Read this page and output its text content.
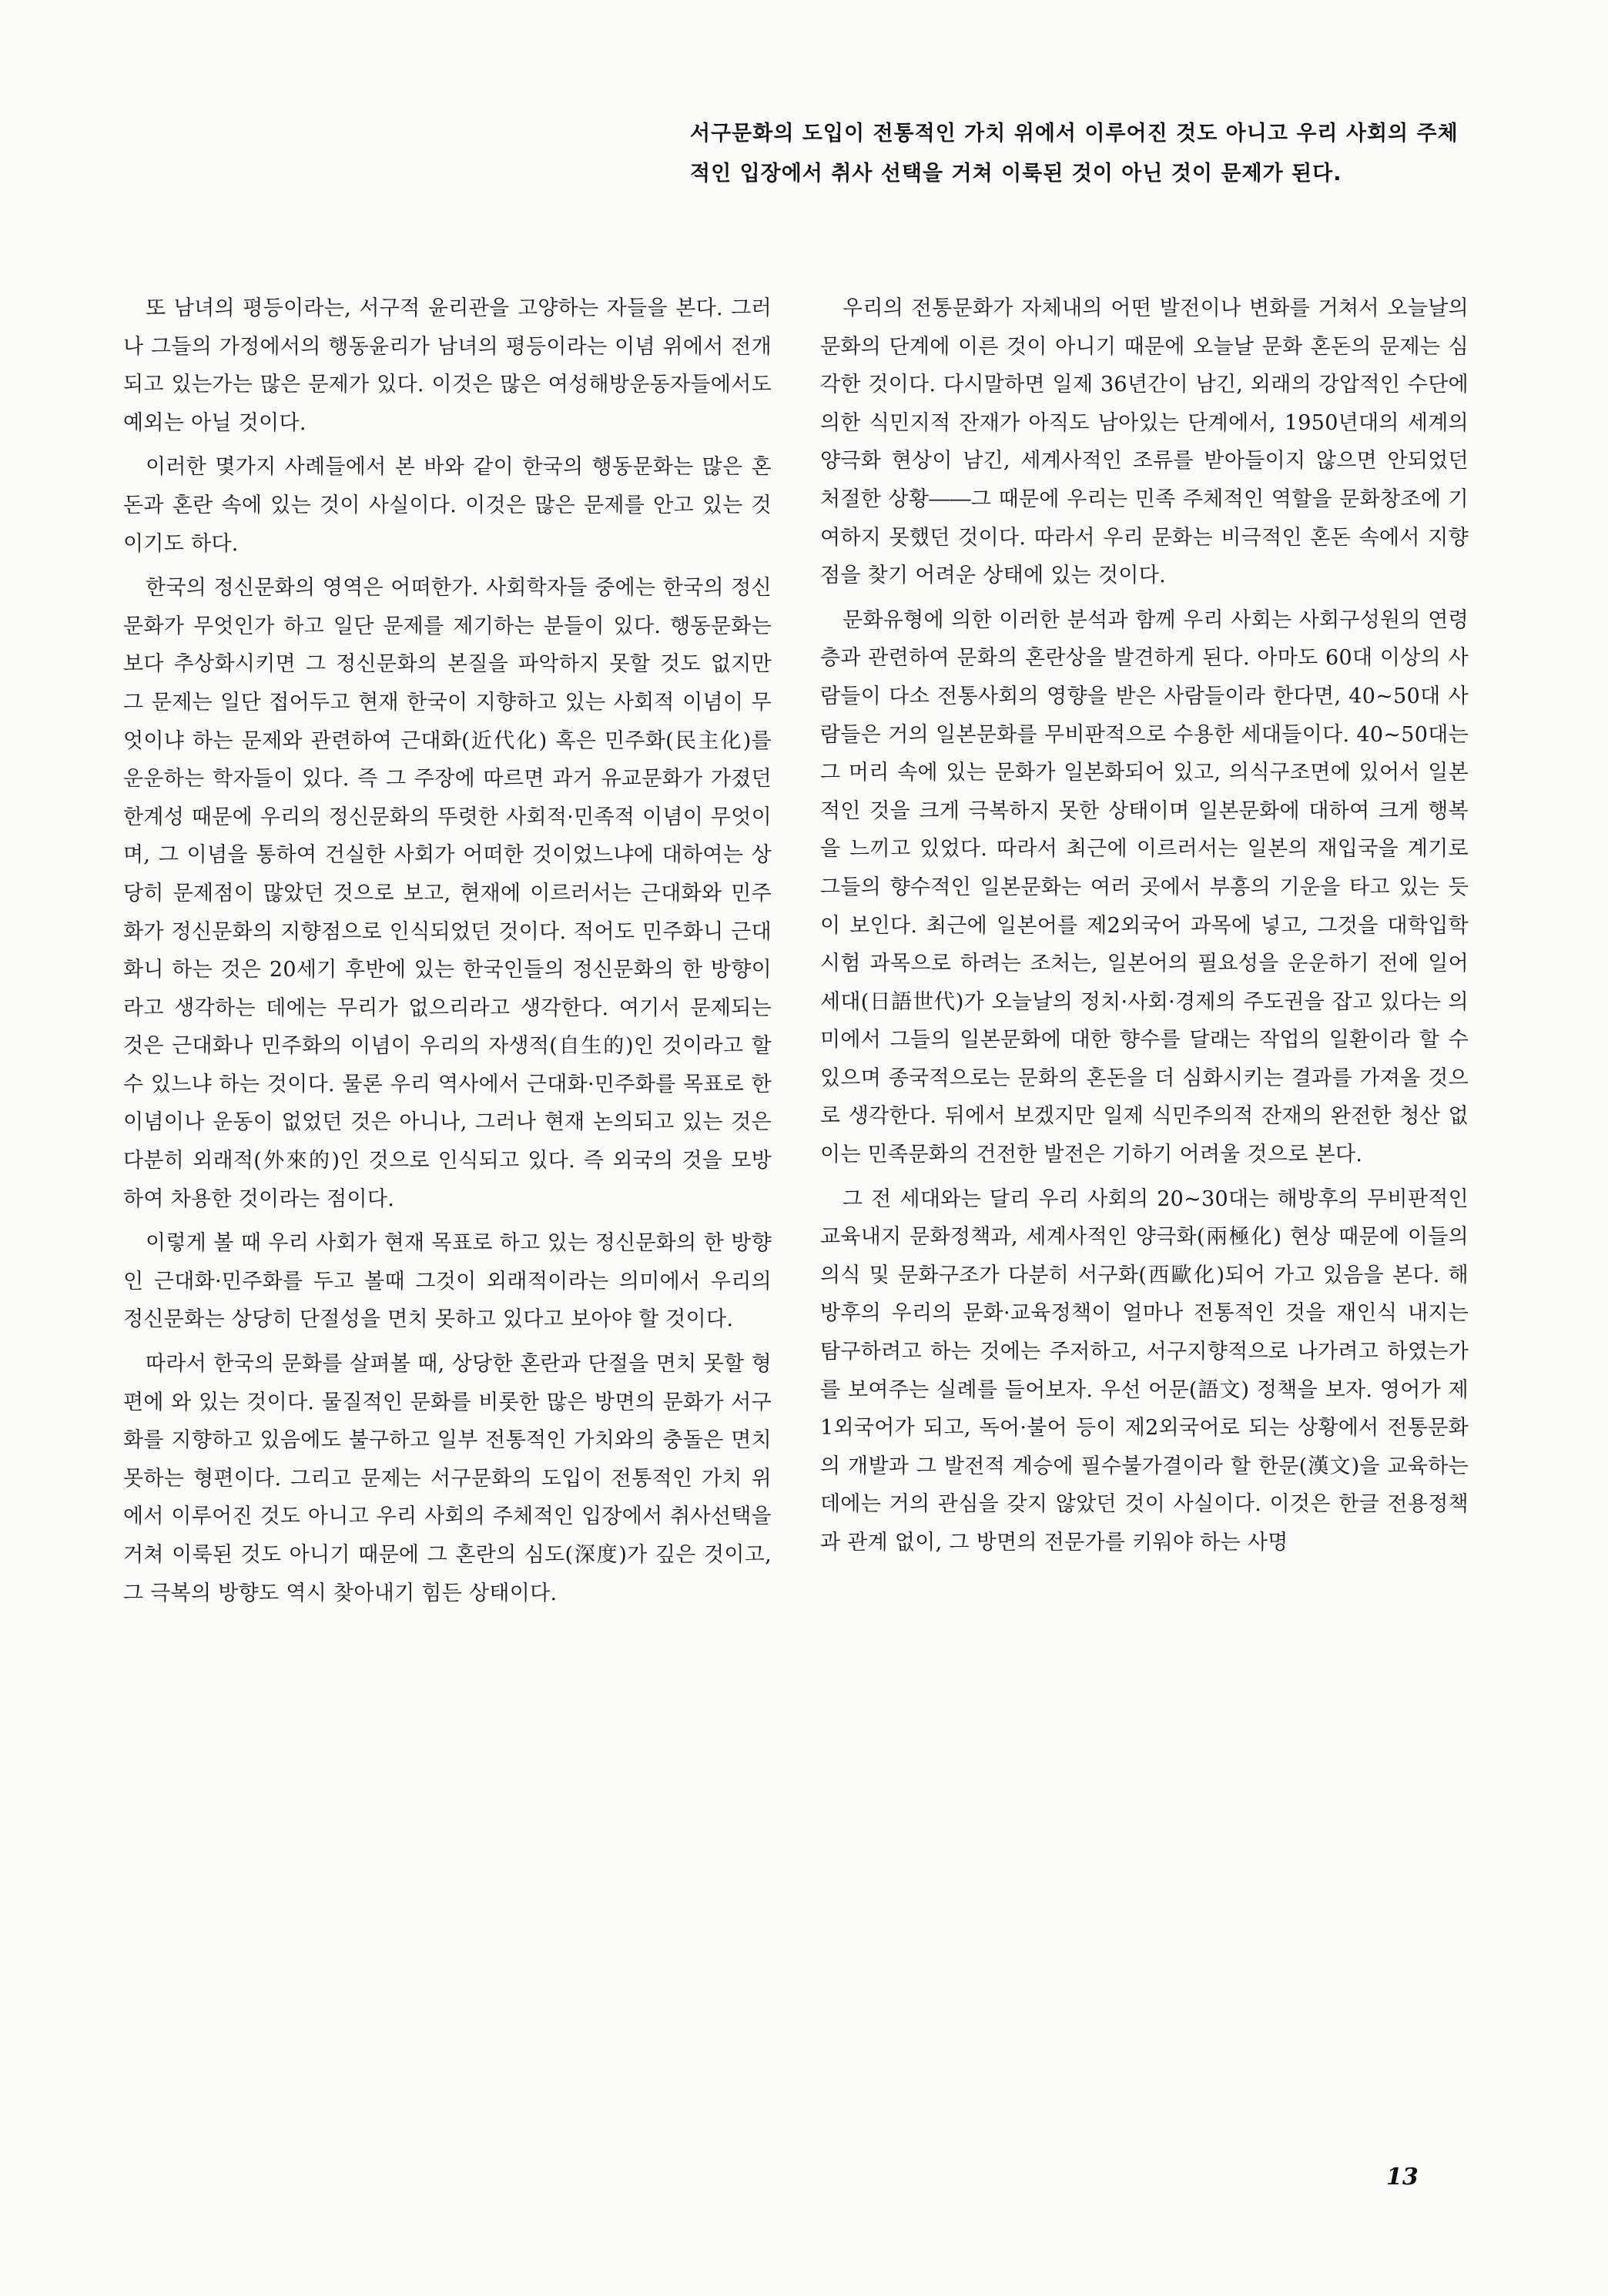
서구문화의 도입이 전통적인 가치 위에서 이루어진 것도 아니고 우리 사회의 주체적인 입장에서 취사 선택을 거쳐 이룩된 것이 아닌 것이 문제가 된다.

또 남녀의 평등이라는, 서구적 윤리관을 고양하는 자들을 본다. 그러나 그들의 가정에서의 행동윤리가 남녀의 평등이라는 이념 위에서 전개되고 있는가는 많은 문제가 있다. 이것은 많은 여성해방운동자들에서도 예외는 아닐 것이다.

이러한 몇가지 사례들에서 본 바와 같이 한국의 행동문화는 많은 혼돈과 혼란 속에 있는 것이 사실이다. 이것은 많은 문제를 안고 있는 것이기도 하다.

한국의 정신문화의 영역은 어떠한가. 사회학자들 중에는 한국의 정신문화가 무엇인가 하고 일단 문제를 제기하는 분들이 있다. 행동문화는 보다 추상화시키면 그 정신문화의 본질을 파악하지 못할 것도 없지만 그 문제는 일단 접어두고 현재 한국이 지향하고 있는 사회적 이념이 무엇이냐 하는 문제와 관련하여 근대화(近代化) 혹은 민주화(民主化)를 운운하는 학자들이 있다. 즉 그 주장에 따르면 과거 유교문화가 가졌던 한계성 때문에 우리의 정신문화의 뚜렷한 사회적·민족적 이념이 무엇이며, 그 이념을 통하여 건실한 사회가 어떠한 것이었느냐에 대하여는 상당히 문제점이 많았던 것으로 보고, 현재에 이르러서는 근대화와 민주화가 정신문화의 지향점으로 인식되었던 것이다. 적어도 민주화니 근대화니 하는 것은 20세기 후반에 있는 한국인들의 정신문화의 한 방향이라고 생각하는 데에는 무리가 없으리라고 생각한다. 여기서 문제되는 것은 근대화나 민주화의 이념이 우리의 자생적(自生的)인 것이라고 할 수 있느냐 하는 것이다. 물론 우리 역사에서 근대화·민주화를 목표로 한 이념이나 운동이 없었던 것은 아니나, 그러나 현재 논의되고 있는 것은 다분히 외래적(外來的)인 것으로 인식되고 있다. 즉 외국의 것을 모방하여 차용한 것이라는 점이다.

이렇게 볼 때 우리 사회가 현재 목표로 하고 있는 정신문화의 한 방향인 근대화·민주화를 두고 볼때 그것이 외래적이라는 의미에서 우리의 정신문화는 상당히 단절성을 면치 못하고 있다고 보아야 할 것이다.

따라서 한국의 문화를 살펴볼 때, 상당한 혼란과 단절을 면치 못할 형편에 와 있는 것이다. 물질적인 문화를 비롯한 많은 방면의 문화가 서구화를 지향하고 있음에도 불구하고 일부 전통적인 가치와의 충돌은 면치 못하는 형편이다. 그리고 문제는 서구문화의 도입이 전통적인 가치 위에서 이루어진 것도 아니고 우리 사회의 주체적인 입장에서 취사선택을 거쳐 이룩된 것도 아니기 때문에 그 혼란의 심도(深度)가 깊은 것이고, 그 극복의 방향도 역시 찾아내기 힘든 상태이다.

우리의 전통문화가 자체내의 어떤 발전이나 변화를 거쳐서 오늘날의 문화의 단계에 이른 것이 아니기 때문에 오늘날 문화 혼돈의 문제는 심각한 것이다. 다시말하면 일제 36년간이 남긴, 외래의 강압적인 수단에 의한 식민지적 잔재가 아직도 남아있는 단계에서, 1950년대의 세계의 양극화 현상이 남긴, 세계사적인 조류를 받아들이지 않으면 안되었던 처절한 상황――그 때문에 우리는 민족 주체적인 역할을 문화창조에 기여하지 못했던 것이다. 따라서 우리 문화는 비극적인 혼돈 속에서 지향점을 찾기 어려운 상태에 있는 것이다.

문화유형에 의한 이러한 분석과 함께 우리 사회는 사회구성원의 연령층과 관련하여 문화의 혼란상을 발견하게 된다. 아마도 60대 이상의 사람들이 다소 전통사회의 영향을 받은 사람들이라 한다면, 40~50대 사람들은 거의 일본문화를 무비판적으로 수용한 세대들이다. 40~50대는 그 머리 속에 있는 문화가 일본화되어 있고, 의식구조면에 있어서 일본적인 것을 크게 극복하지 못한 상태이며 일본문화에 대하여 크게 행복을 느끼고 있었다. 따라서 최근에 이르러서는 일본의 재입국을 계기로 그들의 향수적인 일본문화는 여러 곳에서 부흥의 기운을 타고 있는 듯이 보인다. 최근에 일본어를 제2외국어 과목에 넣고, 그것을 대학입학시험 과목으로 하려는 조처는, 일본어의 필요성을 운운하기 전에 일어세대(日語世代)가 오늘날의 정치·사회·경제의 주도권을 잡고 있다는 의미에서 그들의 일본문화에 대한 향수를 달래는 작업의 일환이라 할 수 있으며 종국적으로는 문화의 혼돈을 더 심화시키는 결과를 가져올 것으로 생각한다. 뒤에서 보겠지만 일제 식민주의적 잔재의 완전한 청산 없이는 민족문화의 건전한 발전은 기하기 어려울 것으로 본다.

그 전 세대와는 달리 우리 사회의 20~30대는 해방후의 무비판적인 교육내지 문화정책과, 세계사적인 양극화(兩極化) 현상 때문에 이들의 의식 및 문화구조가 다분히 서구화(西歐化)되어 가고 있음을 본다. 해방후의 우리의 문화·교육정책이 얼마나 전통적인 것을 재인식 내지는 탐구하려고 하는 것에는 주저하고, 서구지향적으로 나가려고 하였는가를 보여주는 실례를 들어보자. 우선 어문(語文) 정책을 보자. 영어가 제1외국어가 되고, 독어·불어 등이 제2외국어로 되는 상황에서 전통문화의 개발과 그 발전적 계승에 필수불가결이라 할 한문(漢文)을 교육하는 데에는 거의 관심을 갖지 않았던 것이 사실이다. 이것은 한글 전용정책과 관계 없이, 그 방면의 전문가를 키워야 하는 사명

13
